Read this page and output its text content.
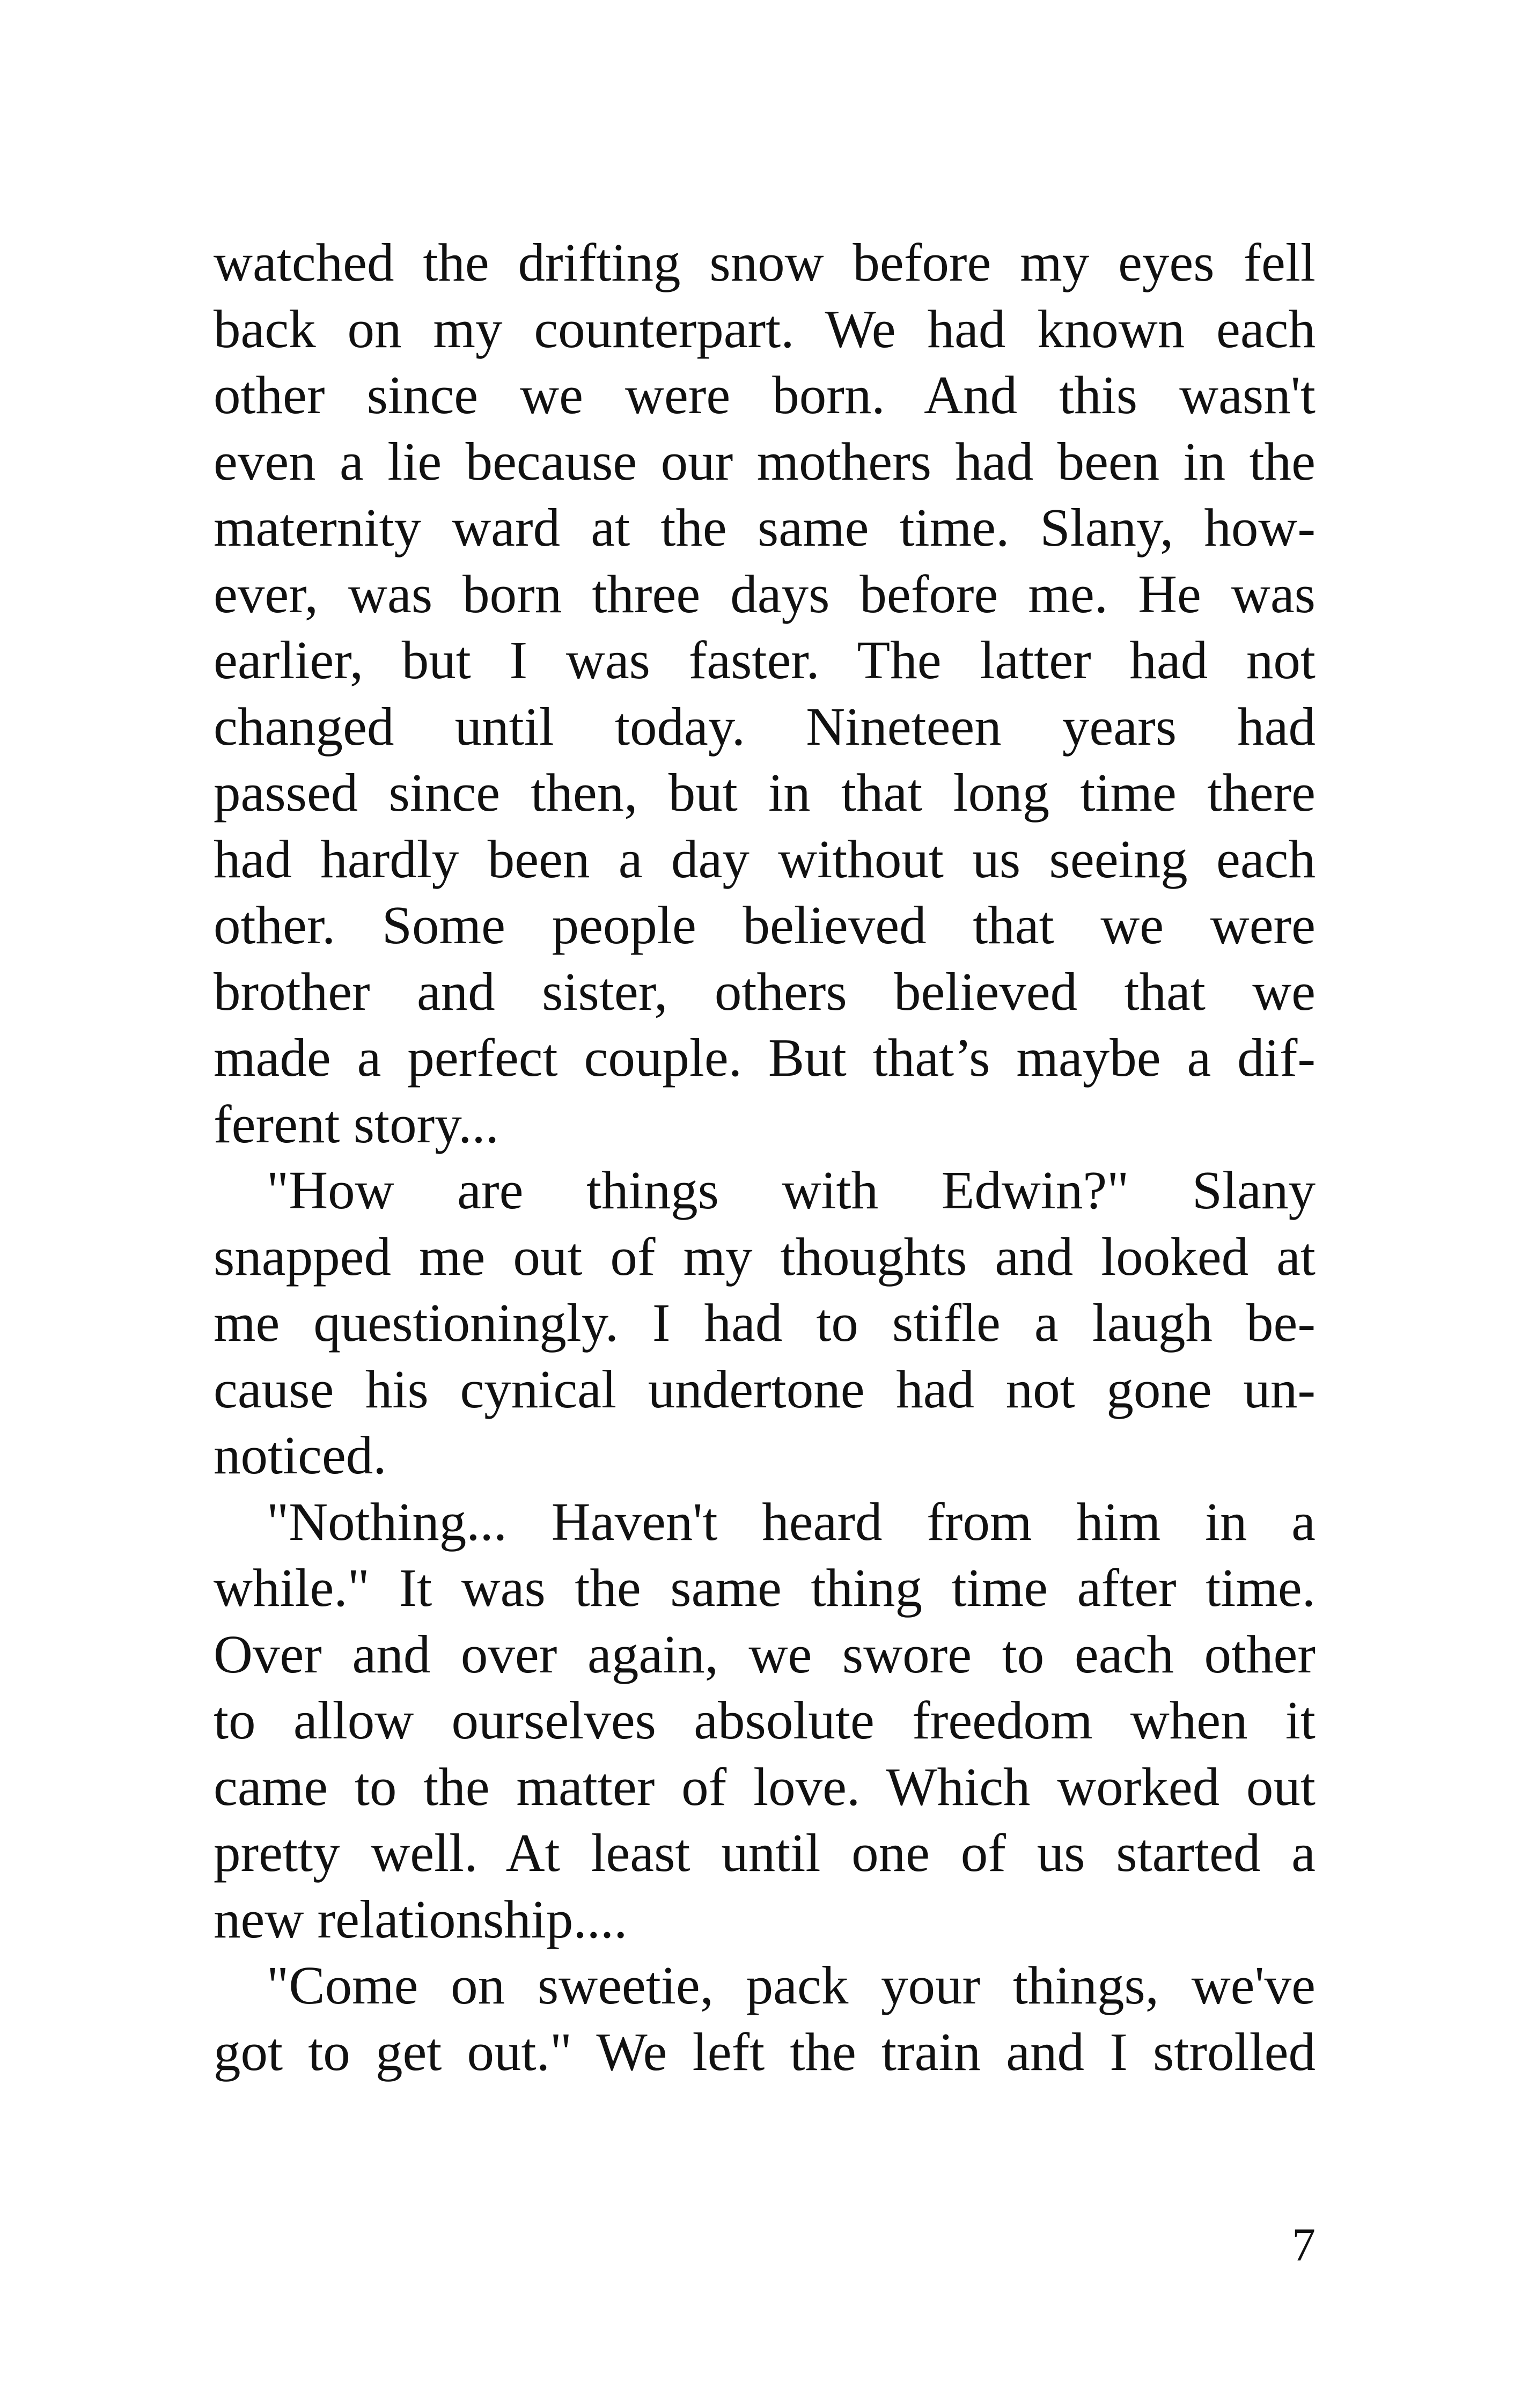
watched the drifting snow before my eyes fell
back on my counterpart. We had known each
other since we were born. And this wasn't
even a lie because our mothers had been in the
maternity ward at the same time. Slany, how-
ever, was born three days before me. He was
earlier, but I was faster. The latter had not
changed until today. Nineteen years had
passed since then, but in that long time there
had hardly been a day without us seeing each
other. Some people believed that we were
brother and sister, others believed that we
made a perfect couple. But that’s maybe a dif-
ferent story...
"How are things with Edwin?" Slany
snapped me out of my thoughts and looked at
me questioningly. I had to stifle a laugh be-
cause his cynical undertone had not gone un-
noticed.
"Nothing... Haven't heard from him in a
while." It was the same thing time after time.
Over and over again, we swore to each other
to allow ourselves absolute freedom when it
came to the matter of love. Which worked out
pretty well. At least until one of us started a
new relationship....
"Come on sweetie, pack your things, we've
got to get out." We left the train and I strolled
7
